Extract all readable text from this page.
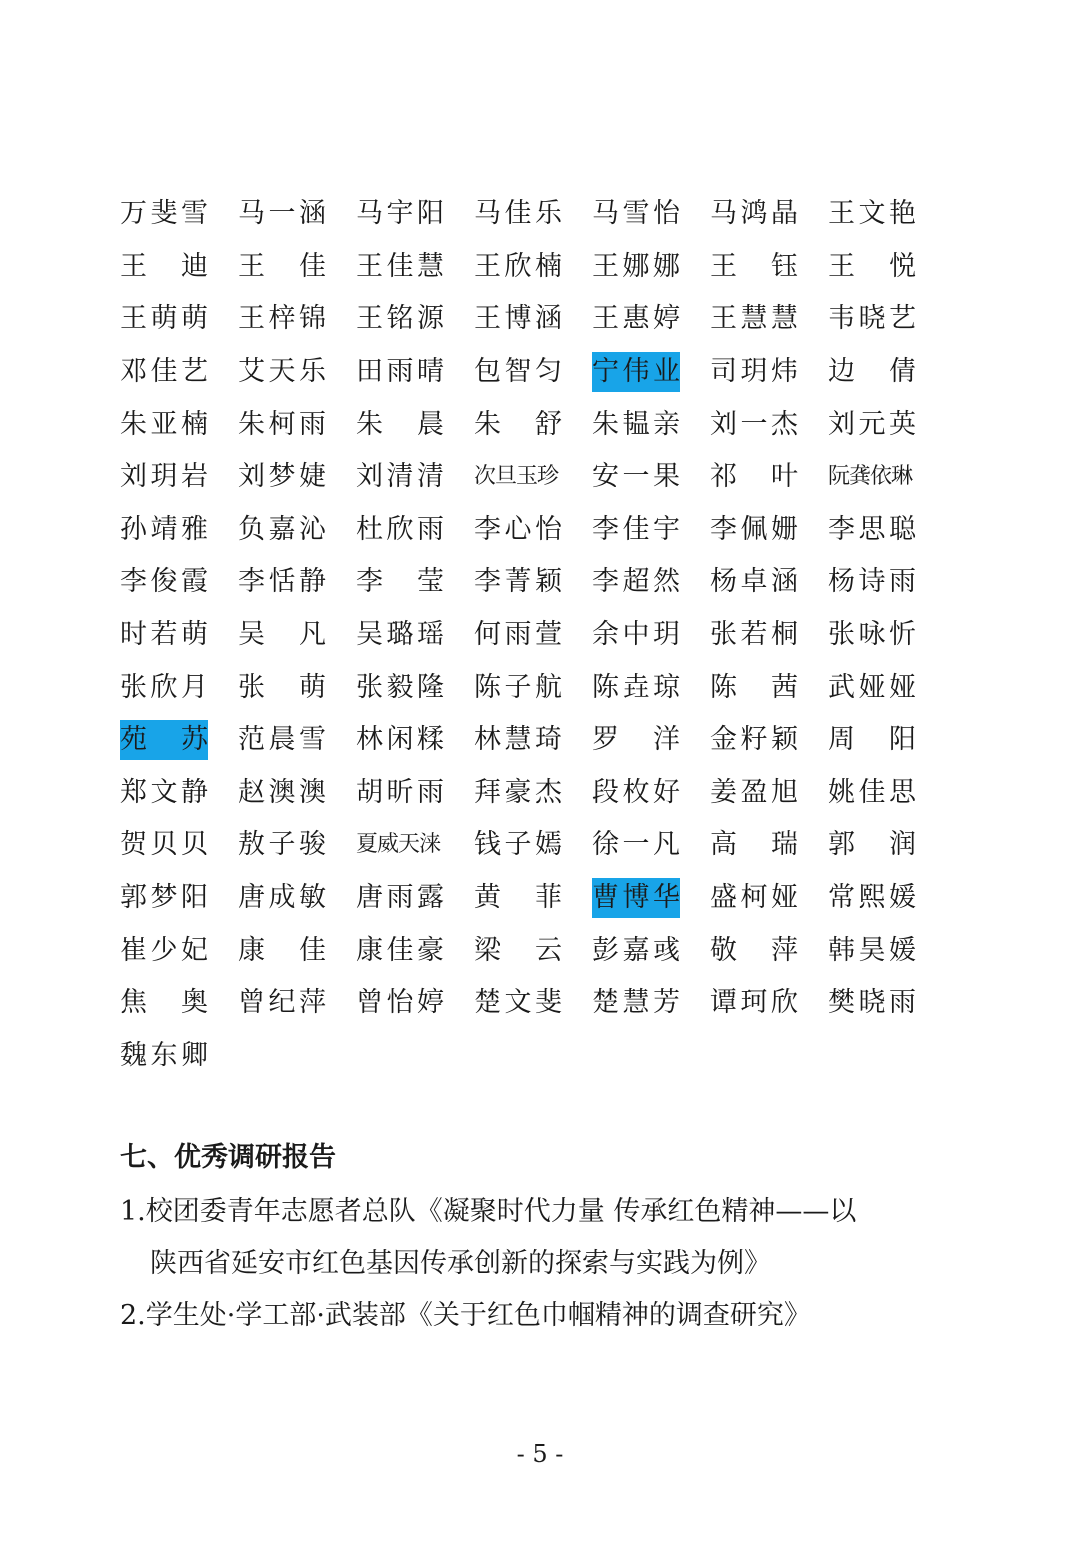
万 斐 雪 马 一 涵 马 宇 阳 马 佳 乐 马 雪 怡 马 鸿 晶 王 文 艳
王 迪 王 佳 王 佳 慧 王 欣 楠 王 娜 娜 王 钰 王 悦
王 萌 萌 王 梓 锦 王 铭 源 王 博 涵 王 惠 婷 王 慧 慧 韦 晓 艺
邓 佳 艺 艾 天 乐 田 雨 晴 包 智 匀 宁 伟 业 司 玥 炜 边 倩
朱 亚 楠 朱 柯 雨 朱 晨 朱 舒 朱 韫 亲 刘 一 杰 刘 元 英
刘 玥 岩 刘 梦 婕 刘 清 清 次旦玉珍 安 一 果 祁 叶 阮龚依琳
孙 靖 雅 负 嘉 沁 杜 欣 雨 李 心 怡 李 佳 宇 李 佩 姗 李 思 聪
李 俊 霞 李 恬 静 李 莹 李 菁 颖 李 超 然 杨 卓 涵 杨 诗 雨
时 若 萌 吴 凡 吴 璐 瑶 何 雨 萱 余 中 玥 张 若 桐 张 咏 忻
张 欣 月 张 萌 张 毅 隆 陈 子 航 陈 垚 琼 陈 茜 武 娅 娅
苑 苏 范 晨 雪 林 闲 糅 林 慧 琦 罗 洋 金 籽 颖 周 阳
郑 文 静 赵 澳 澳 胡 昕 雨 拜 豪 杰 段 枚 好 姜 盈 旭 姚 佳 思
贺 贝 贝 敖 子 骏 夏威天涞 钱 子 嫣 徐 一 凡 高 瑞 郭 润
郭 梦 阳 唐 成 敏 唐 雨 露 黄 菲 曹 博 华 盛 柯 娅 常 熙 媛
崔 少 妃 康 佳 康 佳 豪 梁 云 彭 嘉 彧 敬 萍 韩 昊 媛
焦 奥 曾 纪 萍 曾 怡 婷 楚 文 斐 楚 慧 芳 谭 珂 欣 樊 晓 雨
魏 东 卿
七、优秀调研报告

1.校团委青年志愿者总队《凝聚时代力量 传承红色精神——以
陕西省延安市红色基因传承创新的探索与实践为例》

2.学生处·学工部·武装部《关于红色巾帼精神的调查研究》

- 5 -
